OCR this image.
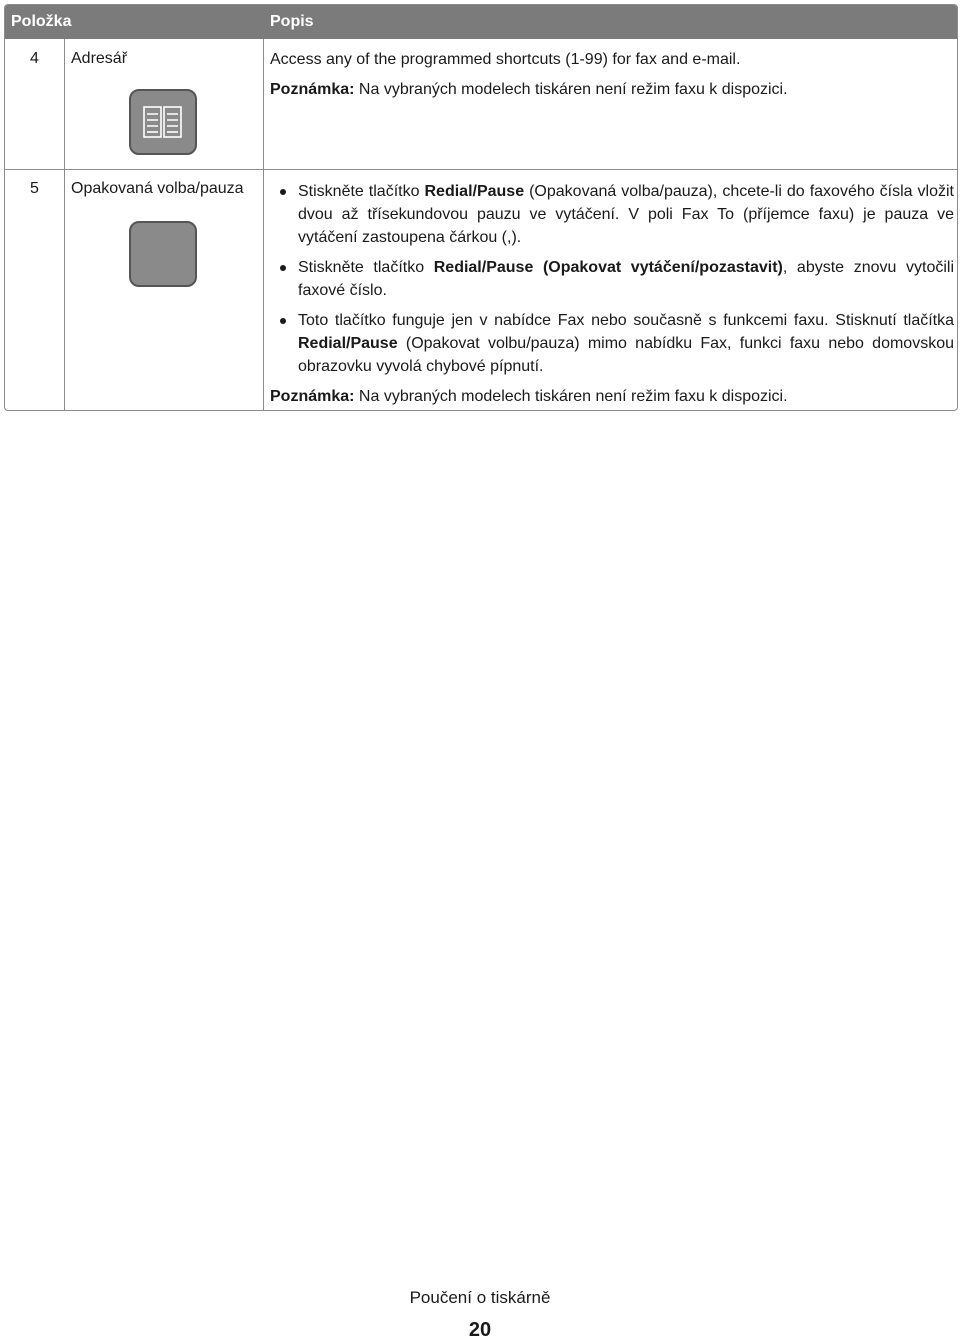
Položka	Popis
4 Adresář	Access any of the programmed shortcuts (1-99) for fax and e-mail.
Poznámka: Na vybraných modelech tiskáren není režim faxu k dispozici.
5 Opakovaná volba/pauza	Stiskněte tlačítko Redial/Pause (Opakovaná volba/pauza), chcete-li do faxového čísla vložit dvou až třísekundovou pauzu ve vytáčení. V poli Fax To (příjemce faxu) je pauza ve vytáčení zastoupena čárkou (,).
Stiskněte tlačítko Redial/Pause (Opakovat vytáčení/pozastavit), abyste znovu vytočili faxové číslo.
Toto tlačítko funguje jen v nabídce Fax nebo současně s funkcemi faxu. Stisknutí tlačítka Redial/Pause (Opakovat volbu/pauza) mimo nabídku Fax, funkci faxu nebo domovskou obrazovku vyvolá chybové pípnutí.
Poznámka: Na vybraných modelech tiskáren není režim faxu k dispozici.
Poučení o tiskárně
20
